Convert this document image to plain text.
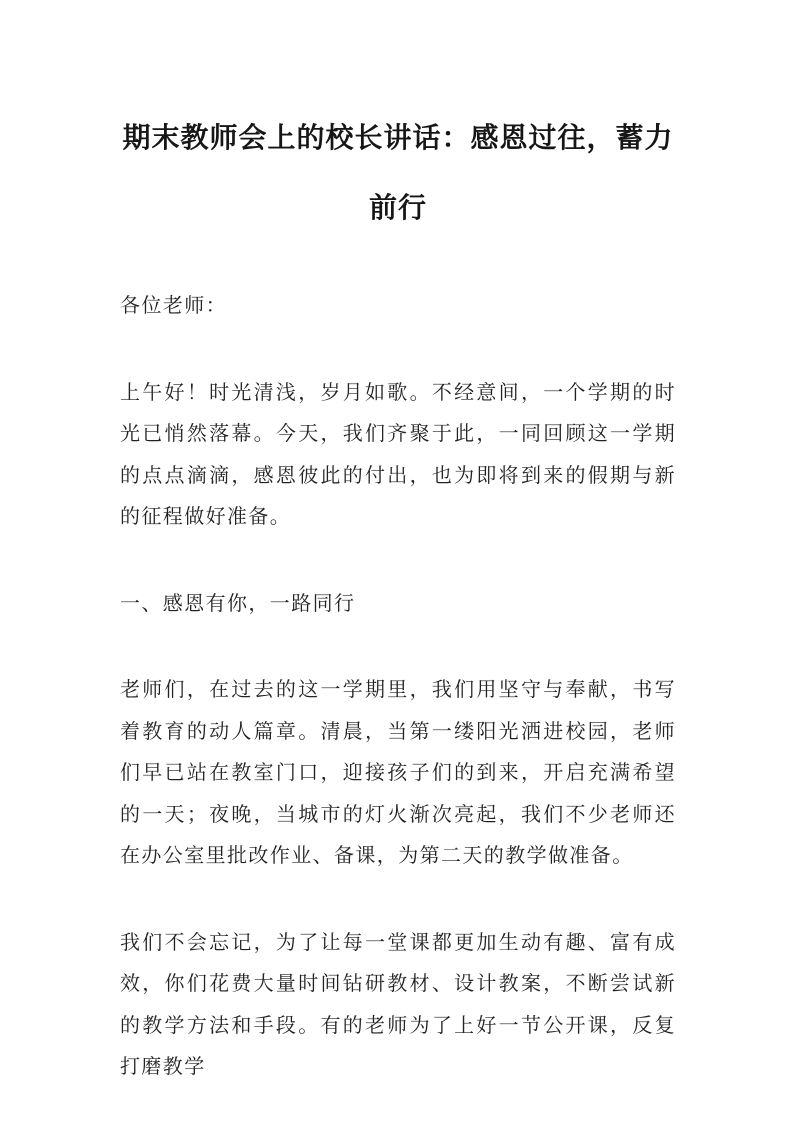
期末教师会上的校长讲话：感恩过往，蓄力前行

各位老师：

上午好！时光清浅，岁月如歌。不经意间，一个学期的时光已悄然落幕。今天，我们齐聚于此，一同回顾这一学期的点点滴滴，感恩彼此的付出，也为即将到来的假期与新的征程做好准备。

一、感恩有你，一路同行

老师们，在过去的这一学期里，我们用坚守与奉献，书写着教育的动人篇章。清晨，当第一缕阳光洒进校园，老师们早已站在教室门口，迎接孩子们的到来，开启充满希望的一天；夜晚，当城市的灯火渐次亮起，我们不少老师还在办公室里批改作业、备课，为第二天的教学做准备。

我们不会忘记，为了让每一堂课都更加生动有趣、富有成效，你们花费大量时间钻研教材、设计教案，不断尝试新的教学方法和手段。有的老师为了上好一节公开课，反复打磨教学
